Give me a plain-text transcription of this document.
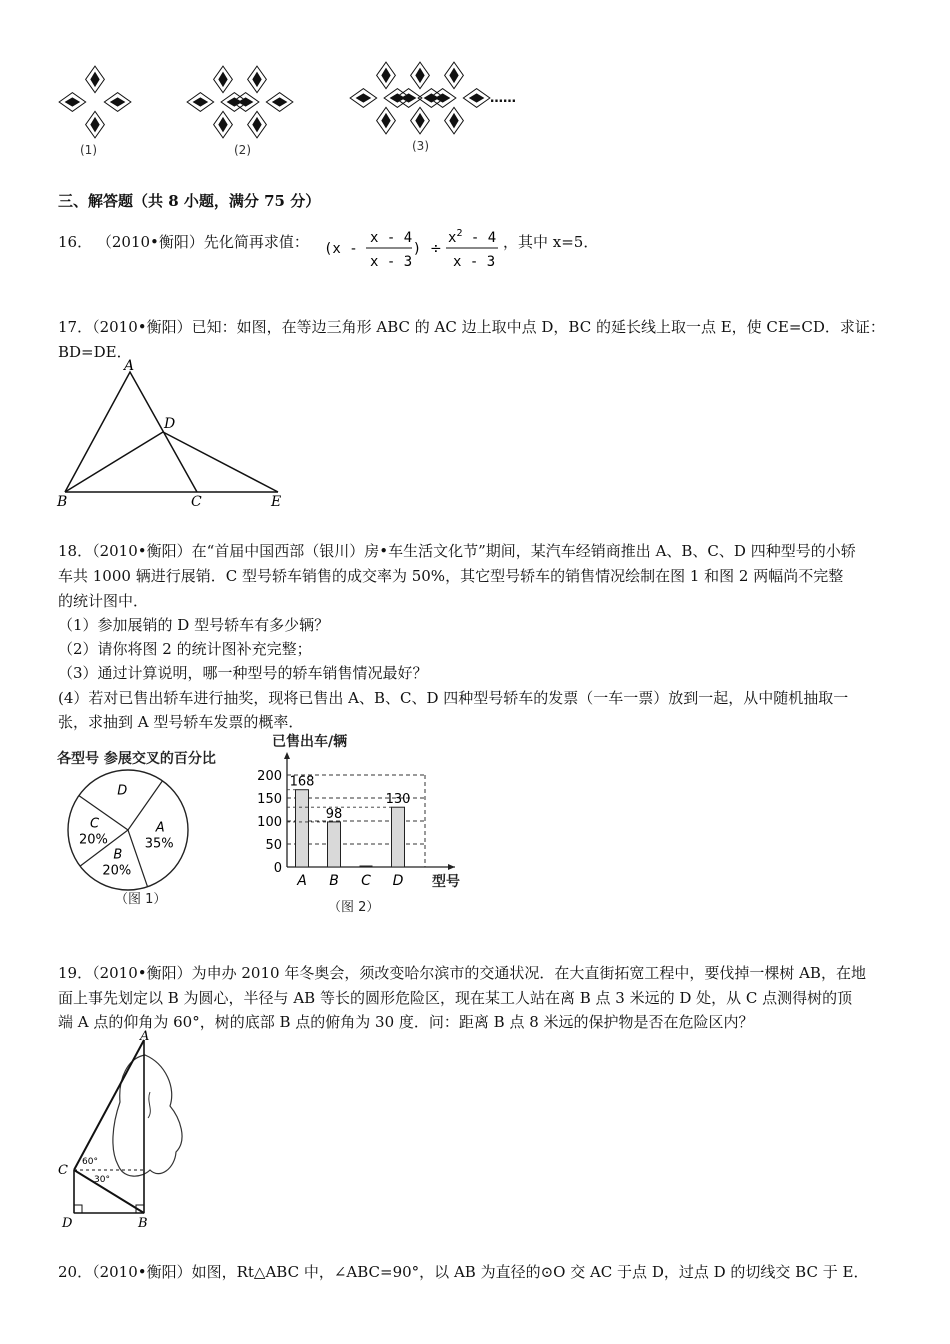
(1)	(2)	(3)
……
三、解答题（共 8 小题，满分 75 分）
16． （2010•衡阳）先化简再求值： (x -
x - 4
x - 3
) ÷
$x^2 - 4$
x - 3
，其中 x=5．
17．（2010•衡阳）已知：如图，在等边三角形 ABC 的 AC 边上取中点 D，BC 的延长线上取一点 E，使 CE=CD．求证：
BD=DE．
A
D
B	C	E
18．（2010•衡阳）在“首届中国西部（银川）房•车生活文化节”期间，某汽车经销商推出 A、B、C、D 四种型号的小轿
车共 1000 辆进行展销．C 型号轿车销售的成交率为 50%，其它型号轿车的销售情况绘制在图 1 和图 2 两幅尚不完整
的统计图中．
（1）参加展销的 D 型号轿车有多少辆？
（2）请你将图 2 的统计图补充完整；
（3）通过计算说明，哪一种型号的轿车销售情况最好？
(4）若对已售出轿车进行抽奖，现将已售出 A、B、C、D 四种型号轿车的发票（一车一票）放到一起，从中随机抽取一
张，求抽到 A 型号轿车发票的概率．
各型号 参展交叉的百分比
A
35%
B
20%
C
20%
D
（图 1）
已售出车/辆
0
50
100
150
200 168
A
98
B C
130
D 型号
（图 2）
19．（2010•衡阳）为申办 2010 年冬奥会，须改变哈尔滨市的交通状况．在大直街拓宽工程中，要伐掉一棵树 AB，在地
面上事先划定以 B 为圆心，半径与 AB 等长的圆形危险区，现在某工人站在离 B 点 3 米远的 D 处，从 C 点测得树的顶
端 A 点的仰角为 60°，树的底部 B 点的俯角为 30 度．问：距离 B 点 8 米远的保护物是否在危险区内？
A
C
D	B
60°
30°
20．（2010•衡阳）如图，Rt△ABC 中，∠ABC=90°，以 AB 为直径的⊙O 交 AC 于点 D，过点 D 的切线交 BC 于 E．
